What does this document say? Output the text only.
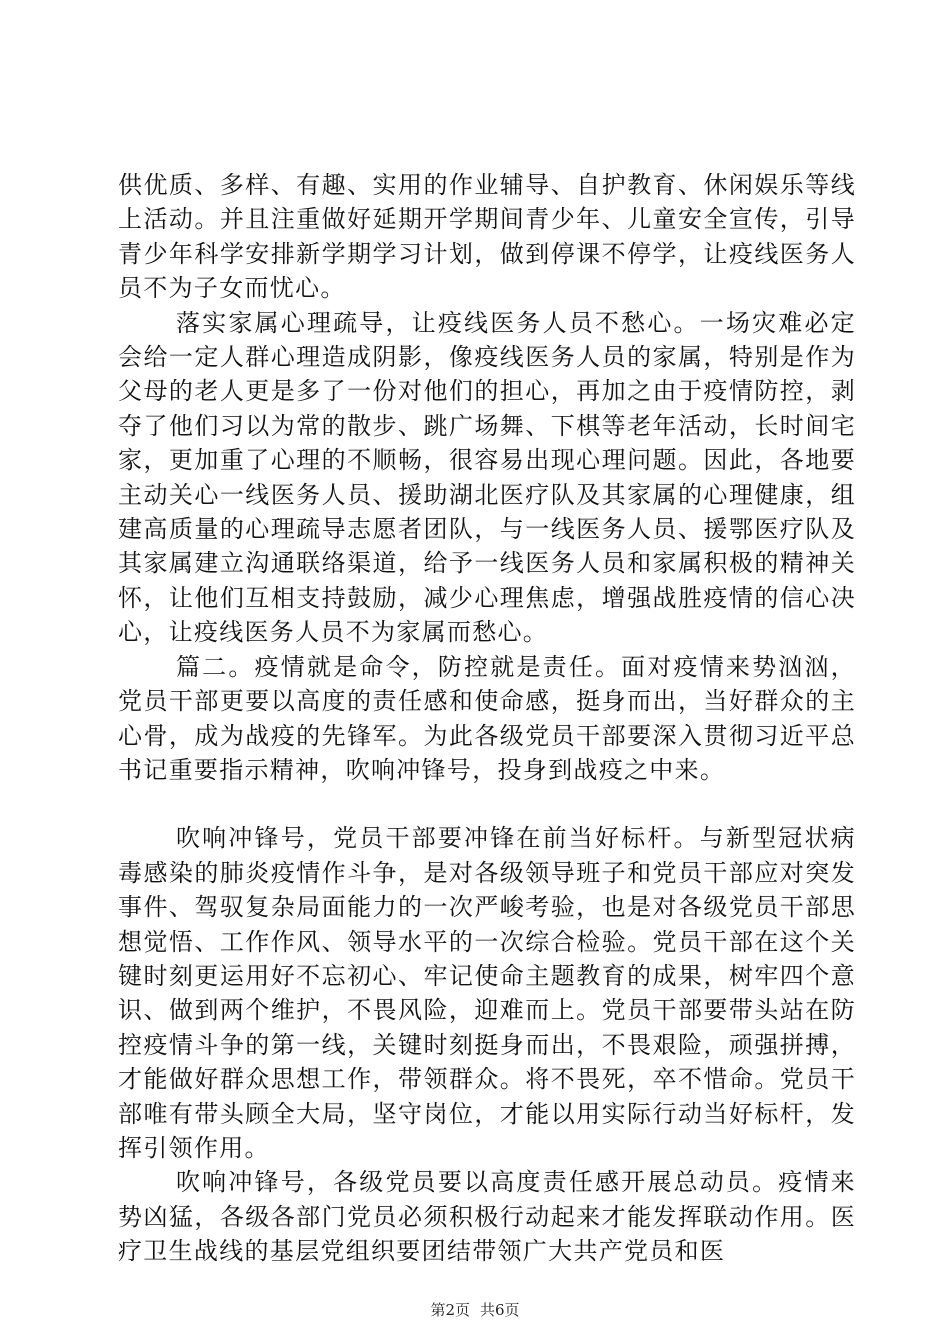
供优质、多样、有趣、实用的作业辅导、自护教育、休闲娱乐等线上活动。并且注重做好延期开学期间青少年、儿童安全宣传，引导青少年科学安排新学期学习计划，做到停课不停学，让疫线医务人员不为子女而忧心。

落实家属心理疏导，让疫线医务人员不愁心。一场灾难必定会给一定人群心理造成阴影，像疫线医务人员的家属，特别是作为父母的老人更是多了一份对他们的担心，再加之由于疫情防控，剥夺了他们习以为常的散步、跳广场舞、下棋等老年活动，长时间宅家，更加重了心理的不顺畅，很容易出现心理问题。因此，各地要主动关心一线医务人员、援助湖北医疗队及其家属的心理健康，组建高质量的心理疏导志愿者团队，与一线医务人员、援鄂医疗队及其家属建立沟通联络渠道，给予一线医务人员和家属积极的精神关怀，让他们互相支持鼓励，减少心理焦虑，增强战胜疫情的信心决心，让疫线医务人员不为家属而愁心。

篇二。疫情就是命令，防控就是责任。面对疫情来势汹汹，党员干部更要以高度的责任感和使命感，挺身而出，当好群众的主心骨，成为战疫的先锋军。为此各级党员干部要深入贯彻习近平总书记重要指示精神，吹响冲锋号，投身到战疫之中来。

吹响冲锋号，党员干部要冲锋在前当好标杆。与新型冠状病毒感染的肺炎疫情作斗争，是对各级领导班子和党员干部应对突发事件、驾驭复杂局面能力的一次严峻考验，也是对各级党员干部思想觉悟、工作作风、领导水平的一次综合检验。党员干部在这个关键时刻更运用好不忘初心、牢记使命主题教育的成果，树牢四个意识、做到两个维护，不畏风险，迎难而上。党员干部要带头站在防控疫情斗争的第一线，关键时刻挺身而出，不畏艰险，顽强拼搏，才能做好群众思想工作，带领群众。将不畏死，卒不惜命。党员干部唯有带头顾全大局，坚守岗位，才能以用实际行动当好标杆，发挥引领作用。

吹响冲锋号，各级党员要以高度责任感开展总动员。疫情来势凶猛，各级各部门党员必须积极行动起来才能发挥联动作用。医疗卫生战线的基层党组织要团结带领广大共产党员和医

第2页 共6页
